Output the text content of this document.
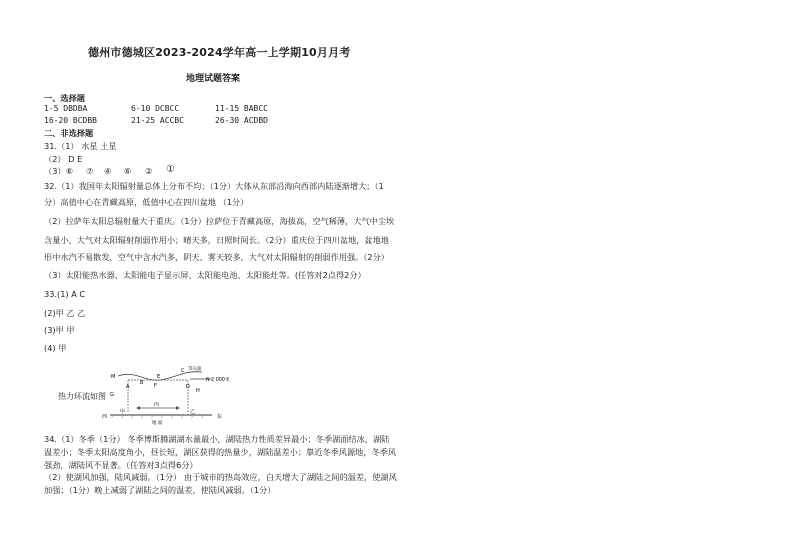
德州市德城区2023-2024学年高一上学期10月月考
地理试题答案
一、选择题
1-5 DBDBA	6-10 DCBCC	11-15 BABCC
16-20 BCDBB	21-25 ACCBC	26-30 ACDBD
二、非选择题
31.（1） 水星 土星
（2） D E
（3）⑥ ⑦ ④ ⑥ ② ①
32.（1）我国年太阳辐射量总体上分布不均；（1分）大体从东部沿海向西部内陆逐渐增大；（1
分）高值中心在青藏高原，低值中心在四川盆地 （1分）
（2）拉萨年太阳总辐射量大于重庆。（1分）拉萨位于青藏高原，海拔高，空气稀薄，大气中尘埃
含量小，大气对太阳辐射削弱作用小；晴天多，日照时间长。（2分）重庆位于四川盆地，盆地地
形中水汽不易散发，空气中含水汽多，阴天、雾天较多，大气对太阳辐射的削弱作用强。（2分）
（3）太阳能热水器、太阳能电子显示屏、太阳能电池、太阳能灶等。(任答对2点得2分）
33.(1) A C
(2)甲 乙 乙
(3)甲 甲
(4) 甲
热力环流如图
M
A
B
C
D
E
F
G
H
等压面
N 2 000米
甲
丙
乙
西	东
地 面
34.（1）冬季（1分） 冬季博斯腾湖湖水量最小，湖陆热力性质差异最小；冬季湖面结冰，湖陆
温差小；冬季太阳高度角小，昼长短，湖区获得的热量少，湖陆温差小；靠近冬季风源地，冬季风
强劲，湖陆风不显著。（任答对3点得6分）
（2）使湖风加强，陆风减弱。（1分） 由于城市的热岛效应，白天增大了湖陆之间的温差，使湖风
加强；（1分）晚上减弱了湖陆之间的温差，使陆风减弱。（1分）
